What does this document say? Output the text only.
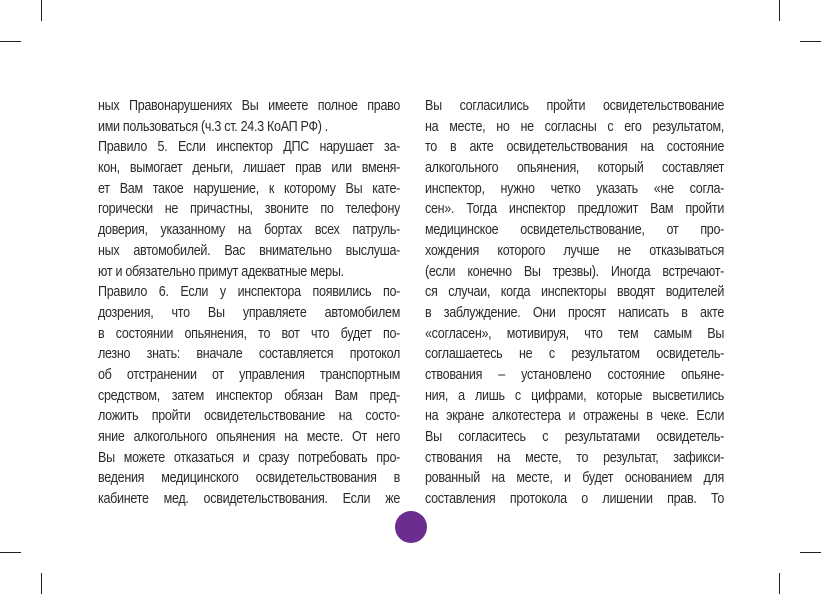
ных Правонарушениях Вы имеете полное право
ими пользоваться (ч.3 ст. 24.3 КоАП РФ) .
Правило 5. Если инспектор ДПС нарушает за-
кон, вымогает деньги, лишает прав или вменя-
ет Вам такое нарушение, к которому Вы кате-
горически не причастны, звоните по телефону
доверия, указанному на бортах всех патруль-
ных автомобилей. Вас внимательно выслуша-
ют и обязательно примут адекватные меры.
Правило 6. Если у инспектора появились по-
дозрения, что Вы управляете автомобилем
в состоянии опьянения, то вот что будет по-
лезно знать: вначале составляется протокол
об отстранении от управления транспортным
средством, затем инспектор обязан Вам пред-
ложить пройти освидетельствование на состо-
яние алкогольного опьянения на месте. От него
Вы можете отказаться и сразу потребовать про-
ведения медицинского освидетельствования в
кабинете мед. освидетельствования. Если же
Вы согласились пройти освидетельствование
на месте, но не согласны с его результатом,
то в акте освидетельствования на состояние
алкогольного опьянения, который составляет
инспектор, нужно четко указать «не согла-
сен». Тогда инспектор предложит Вам пройти
медицинское освидетельствование, от про-
хождения которого лучше не отказываться
(если конечно Вы трезвы). Иногда встречают-
ся случаи, когда инспекторы вводят водителей
в заблуждение. Они просят написать в акте
«согласен», мотивируя, что тем самым Вы
соглашаетесь не с результатом освидетель-
ствования – установлено состояние опьяне-
ния, а лишь с цифрами, которые высветились
на экране алкотестера и отражены в чеке. Если
Вы согласитесь с результатами освидетель-
ствования на месте, то результат, зафикси-
рованный на месте, и будет основанием для
составления протокола о лишении прав. То
